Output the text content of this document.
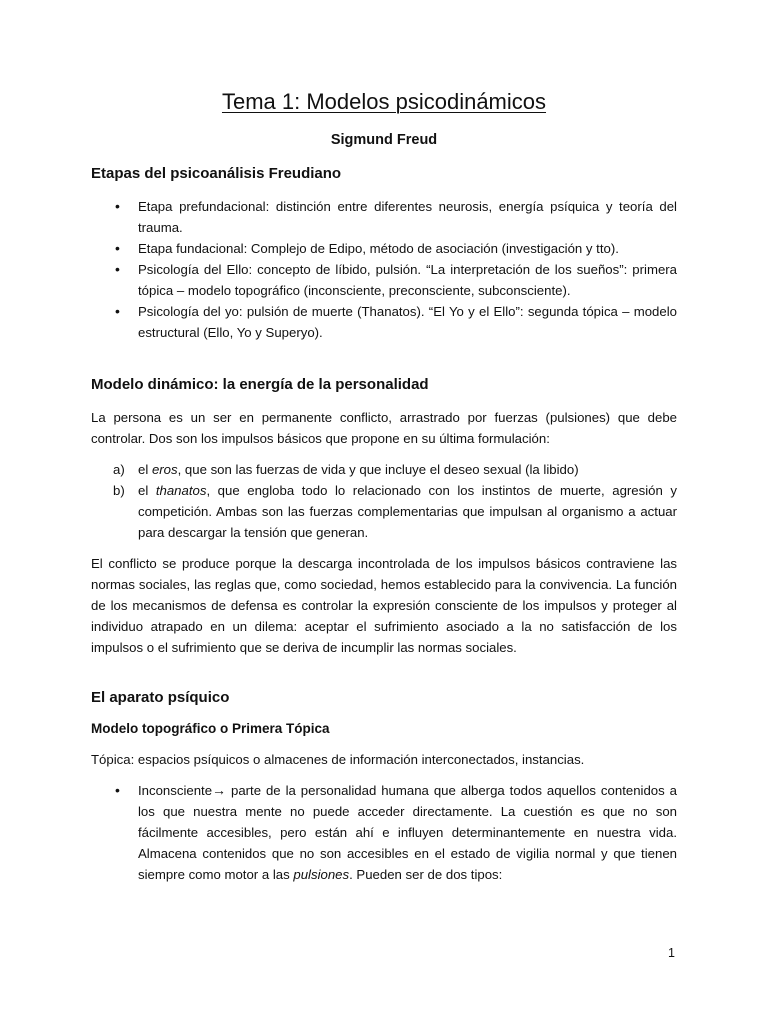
Tema 1: Modelos psicodinámicos
Sigmund Freud
Etapas del psicoanálisis Freudiano
• Etapa prefundacional: distinción entre diferentes neurosis, energía psíquica y teoría del trauma.
• Etapa fundacional: Complejo de Edipo, método de asociación (investigación y tto).
• Psicología del Ello: concepto de líbido, pulsión. “La interpretación de los sueños”: primera tópica – modelo topográfico (inconsciente, preconsciente, subconsciente).
• Psicología del yo: pulsión de muerte (Thanatos). “El Yo y el Ello”: segunda tópica – modelo estructural (Ello, Yo y Superyo).
Modelo dinámico: la energía de la personalidad

La persona es un ser en permanente conflicto, arrastrado por fuerzas (pulsiones) que debe controlar. Dos son los impulsos básicos que propone en su última formulación:

a) el eros, que son las fuerzas de vida y que incluye el deseo sexual (la libido)
b) el thanatos, que engloba todo lo relacionado con los instintos de muerte, agresión y competición. Ambas son las fuerzas complementarias que impulsan al organismo a actuar para descargar la tensión que generan.

El conflicto se produce porque la descarga incontrolada de los impulsos básicos contraviene las normas sociales, las reglas que, como sociedad, hemos establecido para la convivencia. La función de los mecanismos de defensa es controlar la expresión consciente de los impulsos y proteger al individuo atrapado en un dilema: aceptar el sufrimiento asociado a la no satisfacción de los impulsos o el sufrimiento que se deriva de incumplir las normas sociales.

El aparato psíquico
Modelo topográfico o Primera Tópica

Tópica: espacios psíquicos o almacenes de información interconectados, instancias.

• Inconsciente→ parte de la personalidad humana que alberga todos aquellos contenidos a los que nuestra mente no puede acceder directamente. La cuestión es que no son fácilmente accesibles, pero están ahí e influyen determinantemente en nuestra vida. Almacena contenidos que no son accesibles en el estado de vigilia normal y que tienen siempre como motor a las pulsiones. Pueden ser de dos tipos:
1
